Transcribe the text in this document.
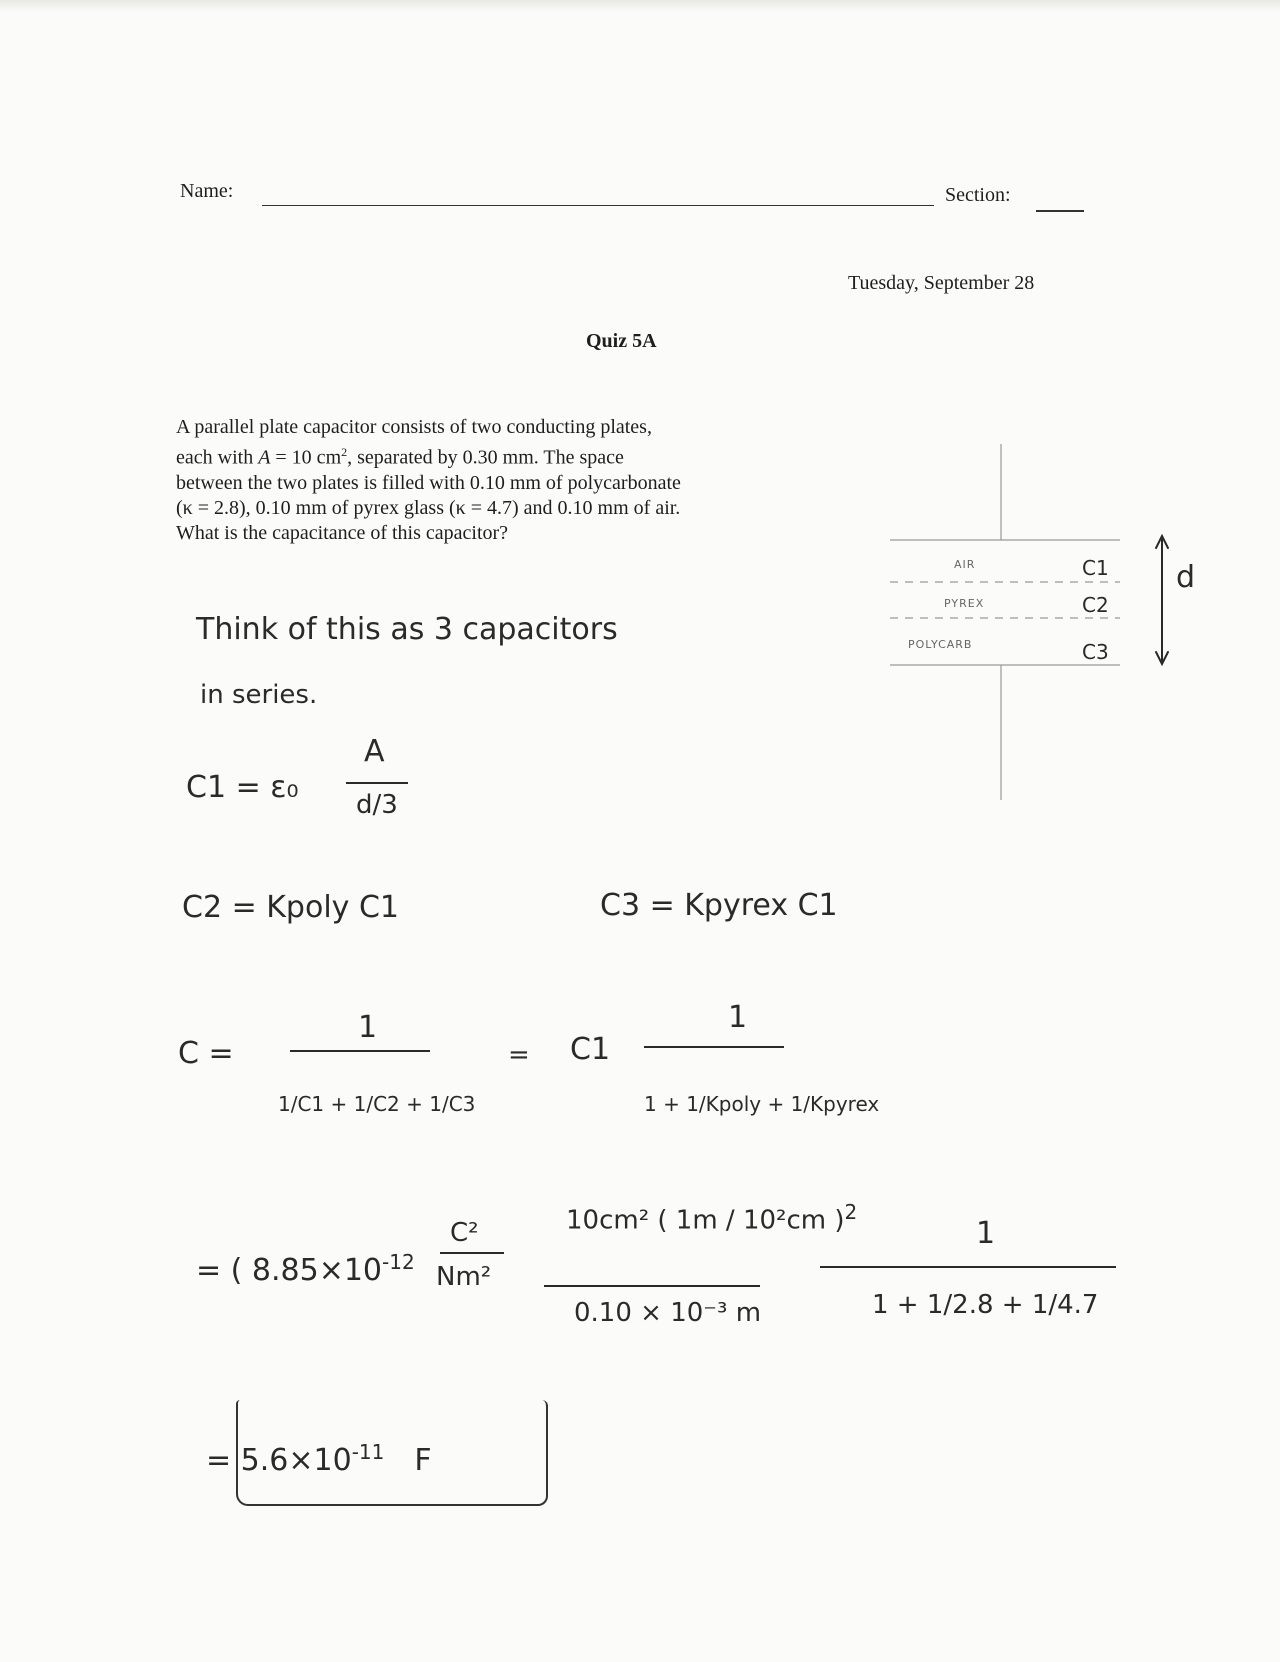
Name:	Section:
Tuesday, September 28
Quiz 5A

A parallel plate capacitor consists of two conducting plates,

each with A = 10 $cm^2$, separated by 0.30 mm. The space

between the two plates is filled with 0.10 mm of polycarbonate

(κ = 2.8), 0.10 mm of pyrex glass (κ = 4.7) and 0.10 mm of air.

What is the capacitance of this capacitor?

AIR
PYREX
POLYCARB
C1
C2
C3
d
Think of this as 3 capacitors
in series.
C1 = ε₀
A
d/3
C2 = Kpoly C1	C3 = Kpyrex C1
C =
1
1/C1 + 1/C2 + 1/C3
= C1
1
1 + 1/Kpoly + 1/Kpyrex
= ( $8.85\times 10^{-12}$
C²
Nm²
10cm² ( 1m / 10²cm )$^2$
0.10 × 10⁻³ m
1
1 + 1/2.8 + 1/4.7
= $5.6\times 10^{-11}$ F
